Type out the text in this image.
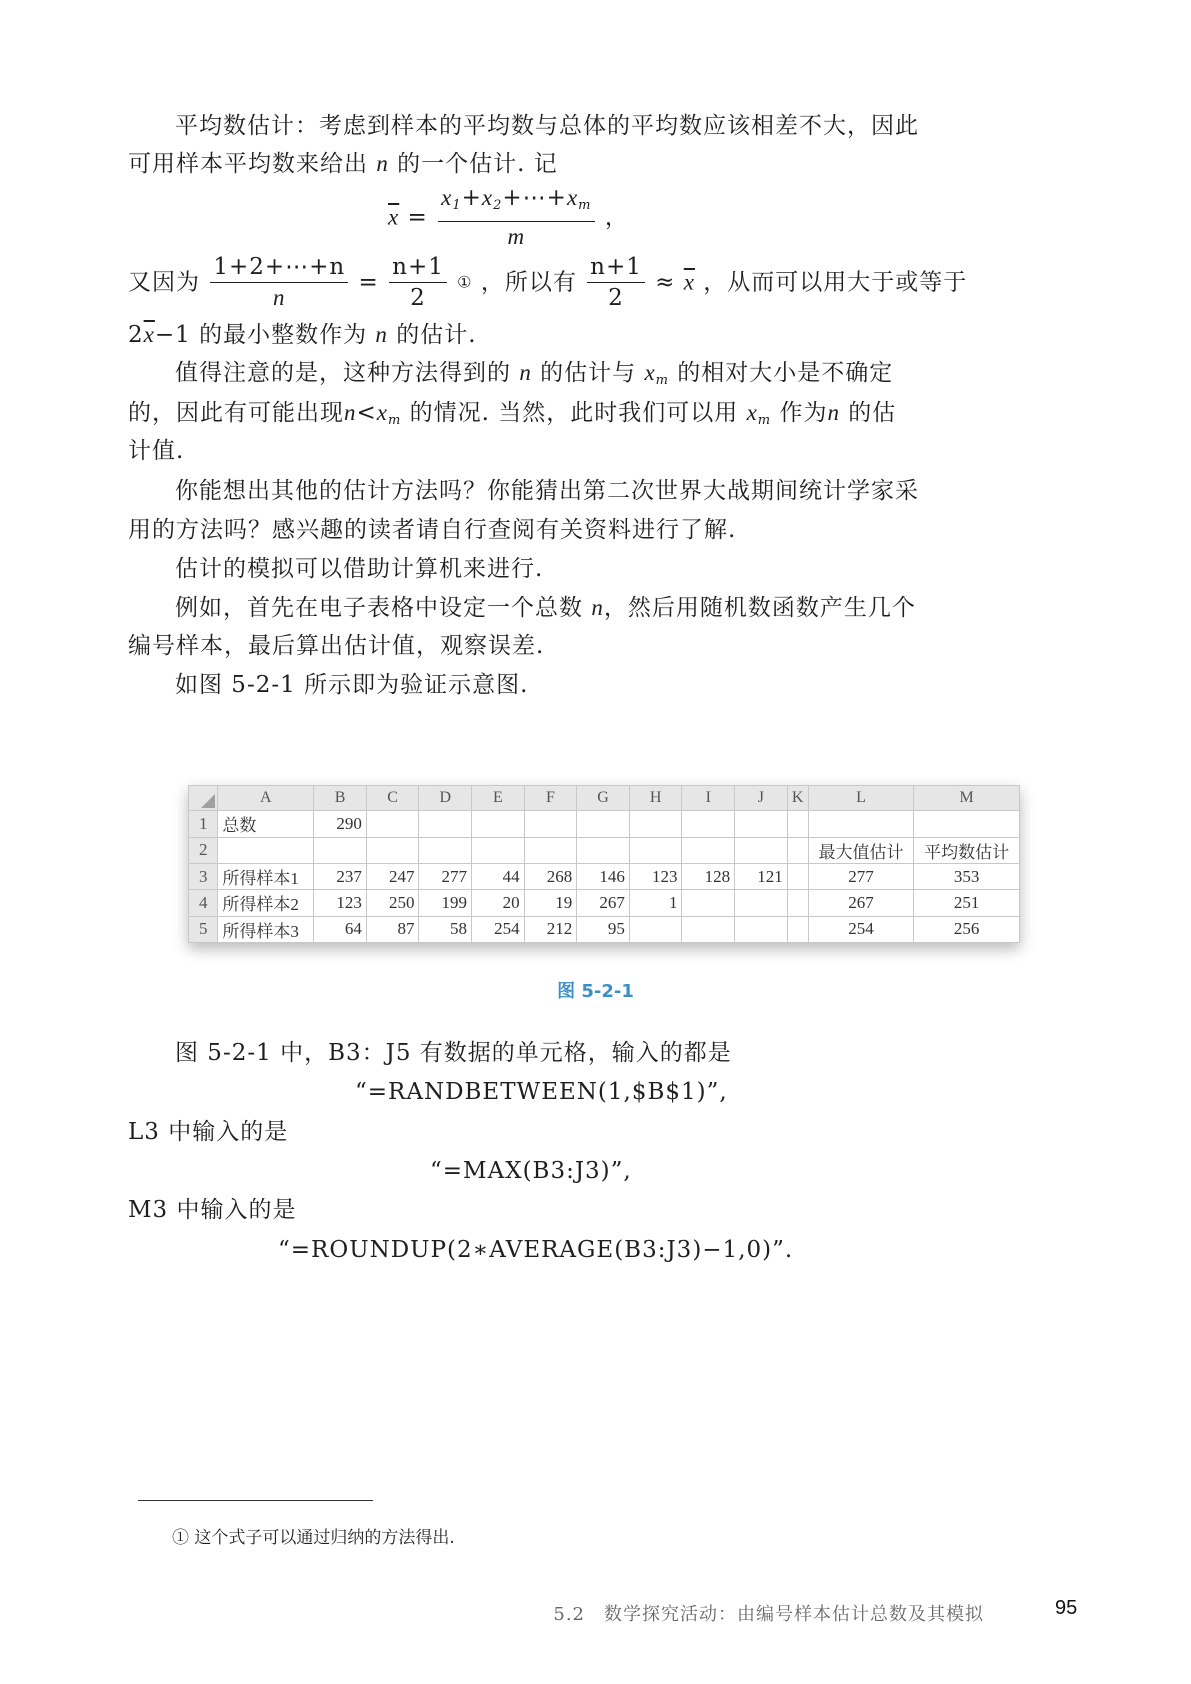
平均数估计：考虑到样本的平均数与总体的平均数应该相差不大，因此
可用样本平均数来给出 n 的一个估计. 记
$\overline{x} = \frac{x_1+x_2+\cdots+x_m}{m}$ ，
又因为 $\frac{1+2+\cdots+n}{n} = \frac{n+1}{2}$ ① ，所以有 $\frac{n+1}{2} \approx \overline{x}$ ，从而可以用大于或等于
$2\overline{x}-1$ 的最小整数作为 n 的估计.
值得注意的是，这种方法得到的 n 的估计与 $x_m$ 的相对大小是不确定
的，因此有可能出现$n<x_m$ 的情况. 当然，此时我们可以用 $x_m$ 作为n 的估
计值.
你能想出其他的估计方法吗？你能猜出第二次世界大战期间统计学家采
用的方法吗？感兴趣的读者请自行查阅有关资料进行了解.
估计的模拟可以借助计算机来进行.
例如，首先在电子表格中设定一个总数 n，然后用随机数函数产生几个
编号样本，最后算出估计值，观察误差.
如图 5-2-1 所示即为验证示意图.
	A	B	C	D	E	F	G	H	I	J	K	L	M
1	总数	290											
2												最大值估计	平均数估计
3	所得样本1	237	247	277	44	268	146	123	128	121		277	353
4	所得样本2	123	250	199	20	19	267	1				267	251
5	所得样本3	64	87	58	254	212	95					254	256
图 5-2-1
图 5-2-1 中，B3：J5 有数据的单元格，输入的都是
“=RANDBETWEEN(1,$B$1)”,
L3 中输入的是
“=MAX(B3:J3)”,
M3 中输入的是
“=ROUNDUP(2∗AVERAGE(B3:J3)−1,0)”.
① 这个式子可以通过归纳的方法得出.
5.2　数学探究活动：由编号样本估计总数及其模拟	95
